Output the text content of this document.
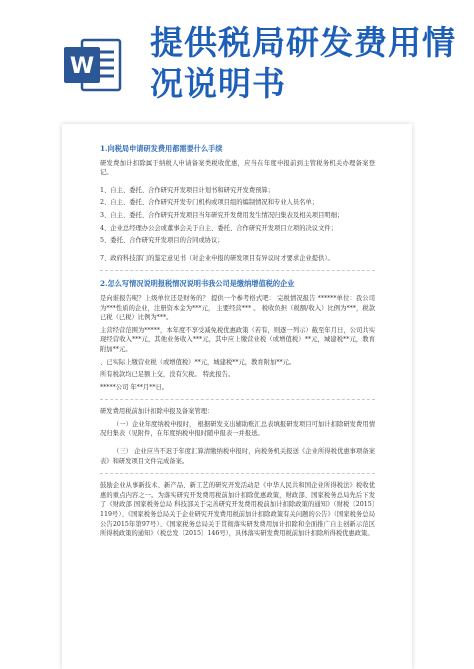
W
提供税局研发费用情况说明书

1.向税局申请研发费用都需要什么手续

研发费加计扣除属于纳税人申请备案类税收优惠，应当在年度申报前到主管税务机关办理备案登记。

1、自主、委托、合作研究开发项目计划书和研究开发费预算；

2、自主、委托、合作研究开发专门机构或项目组的编制情况和专业人员名单；

3、自主、委托、合作研究开发项目当年研究开发费用发生情况归集表及相关项目明细；

4、企业总经理办公会或董事会关于自主、委托、合作研究开发项目立项的决议文件；

5、委托、合作研究开发项目的合同或协议；

7、政府科技部门的鉴定意见书（对企业申报的研发项目有异议时才要求企业提供）。

2.怎么写情况说明报税情况说明书我公司是缴纳增值税的企业

是向谁报告呢？上级单位还是财务的？ 提供一个参考格式吧： 完税情况报告 ******单位：我公司为***性质的企业，注册资本金为***元， 主要经营*** 。 税收负担（税额/收入）比例为***，税款已税（已税）比例为***。

主营经营范围为*****，本年度不享受减免税优惠政策（若有，则逐一列示）截至年月日，公司共实现经营收入***元，其他业务收入***元，其中应上缴营业税（或增值税）**元，城建税**元，教育附加**元。

、已实际上缴营业税（或增值税）**元，城建税**元，教育附加**元。

所有税款均已足额上交，没有欠税。 特此报告。

*****公司 年**月**日。

研发费用税前加计扣除申报及备案管理：

（一）企业年度纳税申报时， 根据研发支出辅助账汇总表填报研发项目可加计扣除研发费用情况归集表（见附件，在年度纳税申报时随申报表一并报送。

（三） 企业应当不迟于年度汇算清缴纳税申报时，向税务机关报送《企业所得税优惠事项备案表》和研发项目文件完成备案。

鼓励企业从事新技术、新产品、新工艺的研究开发活动是《中华人民共和国企业所得税法》税收优惠的重点内容之一。为落实研究开发费用税前加计扣除优惠政策，财政部、国家税务总局先后下发了《财政部 国家税务总局 科技部关于完善研究开发费用税前加计扣除政策的通知》（财税〔2015〕119号）、《国家税务总局关于企业研究开发费用税前加计扣除政策有关问题的公告》（国家税务总局公告2015年第97号）、《国家税务总局关于贯彻落实研发费用加计扣除和全面推广自主创新示范区所得税政策的通知》（税总发〔2015〕146号），具体落实研发费用税前加计扣除所得税优惠政策。
